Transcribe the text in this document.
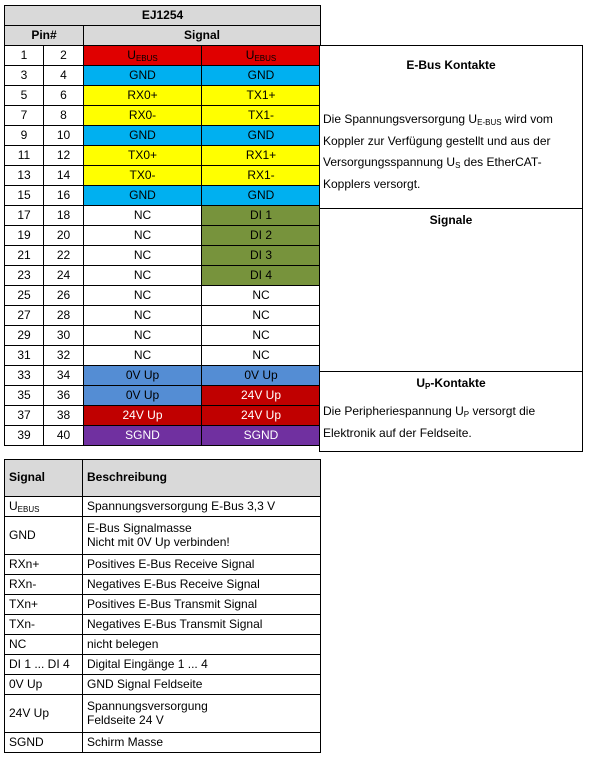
EJ1254			
Pin#		Signal	
1	2	UEBUS	UEBUS
3	4	GND	GND
5	6	RX0+	TX1+
7	8	RX0-	TX1-
9	10	GND	GND
11	12	TX0+	RX1+
13	14	TX0-	RX1-
15	16	GND	GND
17	18	NC	DI 1
19	20	NC	DI 2
21	22	NC	DI 3
23	24	NC	DI 4
25	26	NC	NC
27	28	NC	NC
29	30	NC	NC
31	32	NC	NC
33	34	0V Up	0V Up
35	36	0V Up	24V Up
37	38	24V Up	24V Up
39	40	SGND	SGND
E-Bus Kontakte
Die Spannungsversorgung UE-BUS wird vom Koppler zur Verfügung gestellt und aus der Versorgungsspannung US des EtherCAT-Kopplers versorgt.
Signale
UP-Kontakte
Die Peripheriespannung UP versorgt die Elektronik auf der Feldseite.
Signal	Beschreibung
UEBUS	Spannungsversorgung E-Bus 3,3 V
GND	E-Bus Signalmasse
Nicht mit 0V Up verbinden!
RXn+	Positives E-Bus Receive Signal
RXn-	Negatives E-Bus Receive Signal
TXn+	Positives E-Bus Transmit Signal
TXn-	Negatives E-Bus Transmit Signal
NC	nicht belegen
DI 1 ... DI 4	Digital Eingänge 1 ... 4
0V Up	GND Signal Feldseite
24V Up	Spannungsversorgung
Feldseite 24 V
SGND	Schirm Masse
